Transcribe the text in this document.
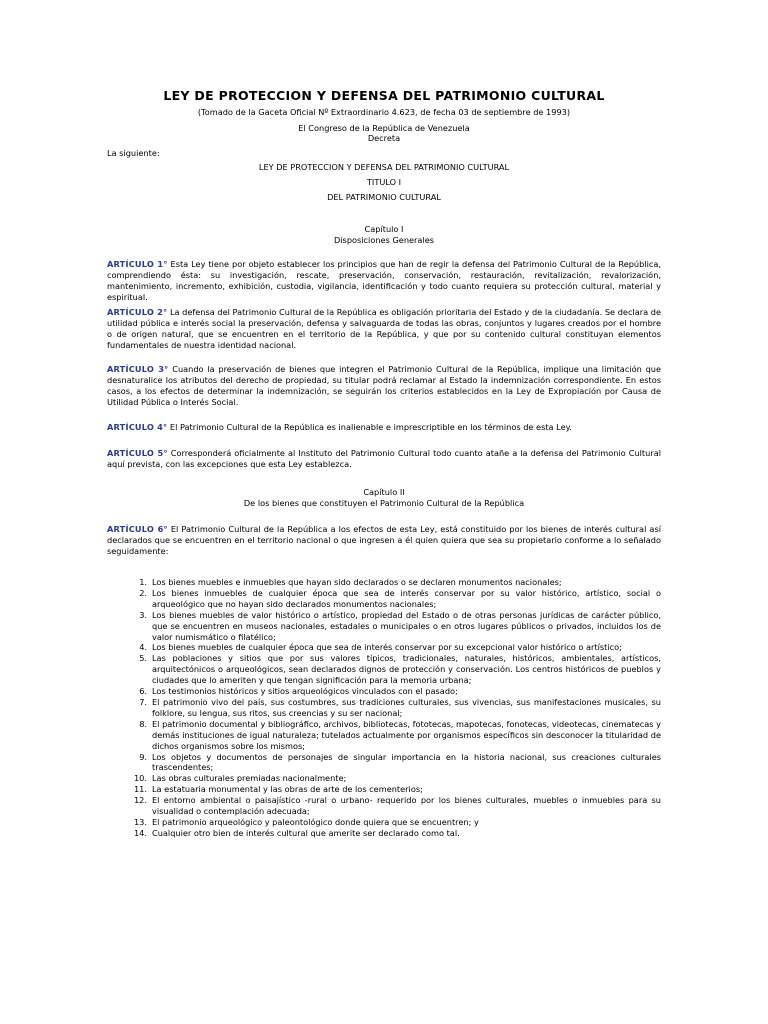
LEY DE PROTECCION Y DEFENSA DEL PATRIMONIO CULTURAL
(Tomado de la Gaceta Oficial Nº Extraordinario 4.623, de fecha 03 de septiembre de 1993)
El Congreso de la República de Venezuela
Decreta
La siguiente:
LEY DE PROTECCION Y DEFENSA DEL PATRIMONIO CULTURAL
TITULO I
DEL PATRIMONIO CULTURAL
Capítulo I
Disposiciones Generales

ARTÍCULO 1° Esta Ley tiene por objeto establecer los principios que han de regir la defensa del Patrimonio Cultural de la República, comprendiendo ésta: su investigación, rescate, preservación, conservación, restauración, revitalización, revalorización, mantenimiento, incremento, exhibición, custodia, vigilancia, identificación y todo cuanto requiera su protección cultural, material y espiritual.

ARTÍCULO 2° La defensa del Patrimonio Cultural de la República es obligación prioritaria del Estado y de la ciudadanía. Se declara de utilidad pública e interés social la preservación, defensa y salvaguarda de todas las obras, conjuntos y lugares creados por el hombre o de origen natural, que se encuentren en el territorio de la República, y que por su contenido cultural constituyan elementos fundamentales de nuestra identidad nacional.

ARTÍCULO 3° Cuando la preservación de bienes que integren el Patrimonio Cultural de la República, implique una limitación que desnaturalice los atributos del derecho de propiedad, su titular podrá reclamar al Estado la indemnización correspondiente. En estos casos, a los efectos de determinar la indemnización, se seguirán los criterios establecidos en la Ley de Expropiación por Causa de Utilidad Pública o Interés Social.

ARTÍCULO 4° El Patrimonio Cultural de la República es inalienable e imprescriptible en los términos de esta Ley.

ARTÍCULO 5° Corresponderá oficialmente al Instituto del Patrimonio Cultural todo cuanto atañe a la defensa del Patrimonio Cultural aquí prevista, con las excepciones que esta Ley establezca.

Capítulo II
De los bienes que constituyen el Patrimonio Cultural de la República

ARTÍCULO 6° El Patrimonio Cultural de la República a los efectos de esta Ley, está constituido por los bienes de interés cultural así declarados que se encuentren en el territorio nacional o que ingresen a él quien quiera que sea su propietario conforme a lo señalado seguidamente:

1. Los bienes muebles e inmuebles que hayan sido declarados o se declaren monumentos nacionales;
2. Los bienes inmuebles de cualquier época que sea de interés conservar por su valor histórico, artístico, social o arqueológico que no hayan sido declarados monumentos nacionales;
3. Los bienes muebles de valor histórico o artístico, propiedad del Estado o de otras personas jurídicas de carácter público, que se encuentren en museos nacionales, estadales o municipales o en otros lugares públicos o privados, incluidos los de valor numismático o filatélico;
4. Los bienes muebles de cualquier época que sea de interés conservar por su excepcional valor histórico o artístico;
5. Las poblaciones y sitios que por sus valores típicos, tradicionales, naturales, históricos, ambientales, artísticos, arquitectónicos o arqueológicos, sean declarados dignos de protección y conservación. Los centros históricos de pueblos y ciudades que lo ameriten y que tengan significación para la memoria urbana;
6. Los testimonios históricos y sitios arqueológicos vinculados con el pasado;
7. El patrimonio vivo del país, sus costumbres, sus tradiciones culturales, sus vivencias, sus manifestaciones musicales, su folklore, su lengua, sus ritos, sus creencias y su ser nacional;
8. El patrimonio documental y bibliográfico, archivos, bibliotecas, fototecas, mapotecas, fonotecas, videotecas, cinematecas y demás instituciones de igual naturaleza; tutelados actualmente por organismos específicos sin desconocer la titularidad de dichos organismos sobre los mismos;
9. Los objetos y documentos de personajes de singular importancia en la historia nacional, sus creaciones culturales trascendentes;
10. Las obras culturales premiadas nacionalmente;
11. La estatuaria monumental y las obras de arte de los cementerios;
12. El entorno ambiental o paisajístico -rural o urbano- requerido por los bienes culturales, muebles o inmuebles para su visualidad o contemplación adecuada;
13. El patrimonio arqueológico y paleontológico donde quiera que se encuentren; y
14. Cualquier otro bien de interés cultural que amerite ser declarado como tal.
